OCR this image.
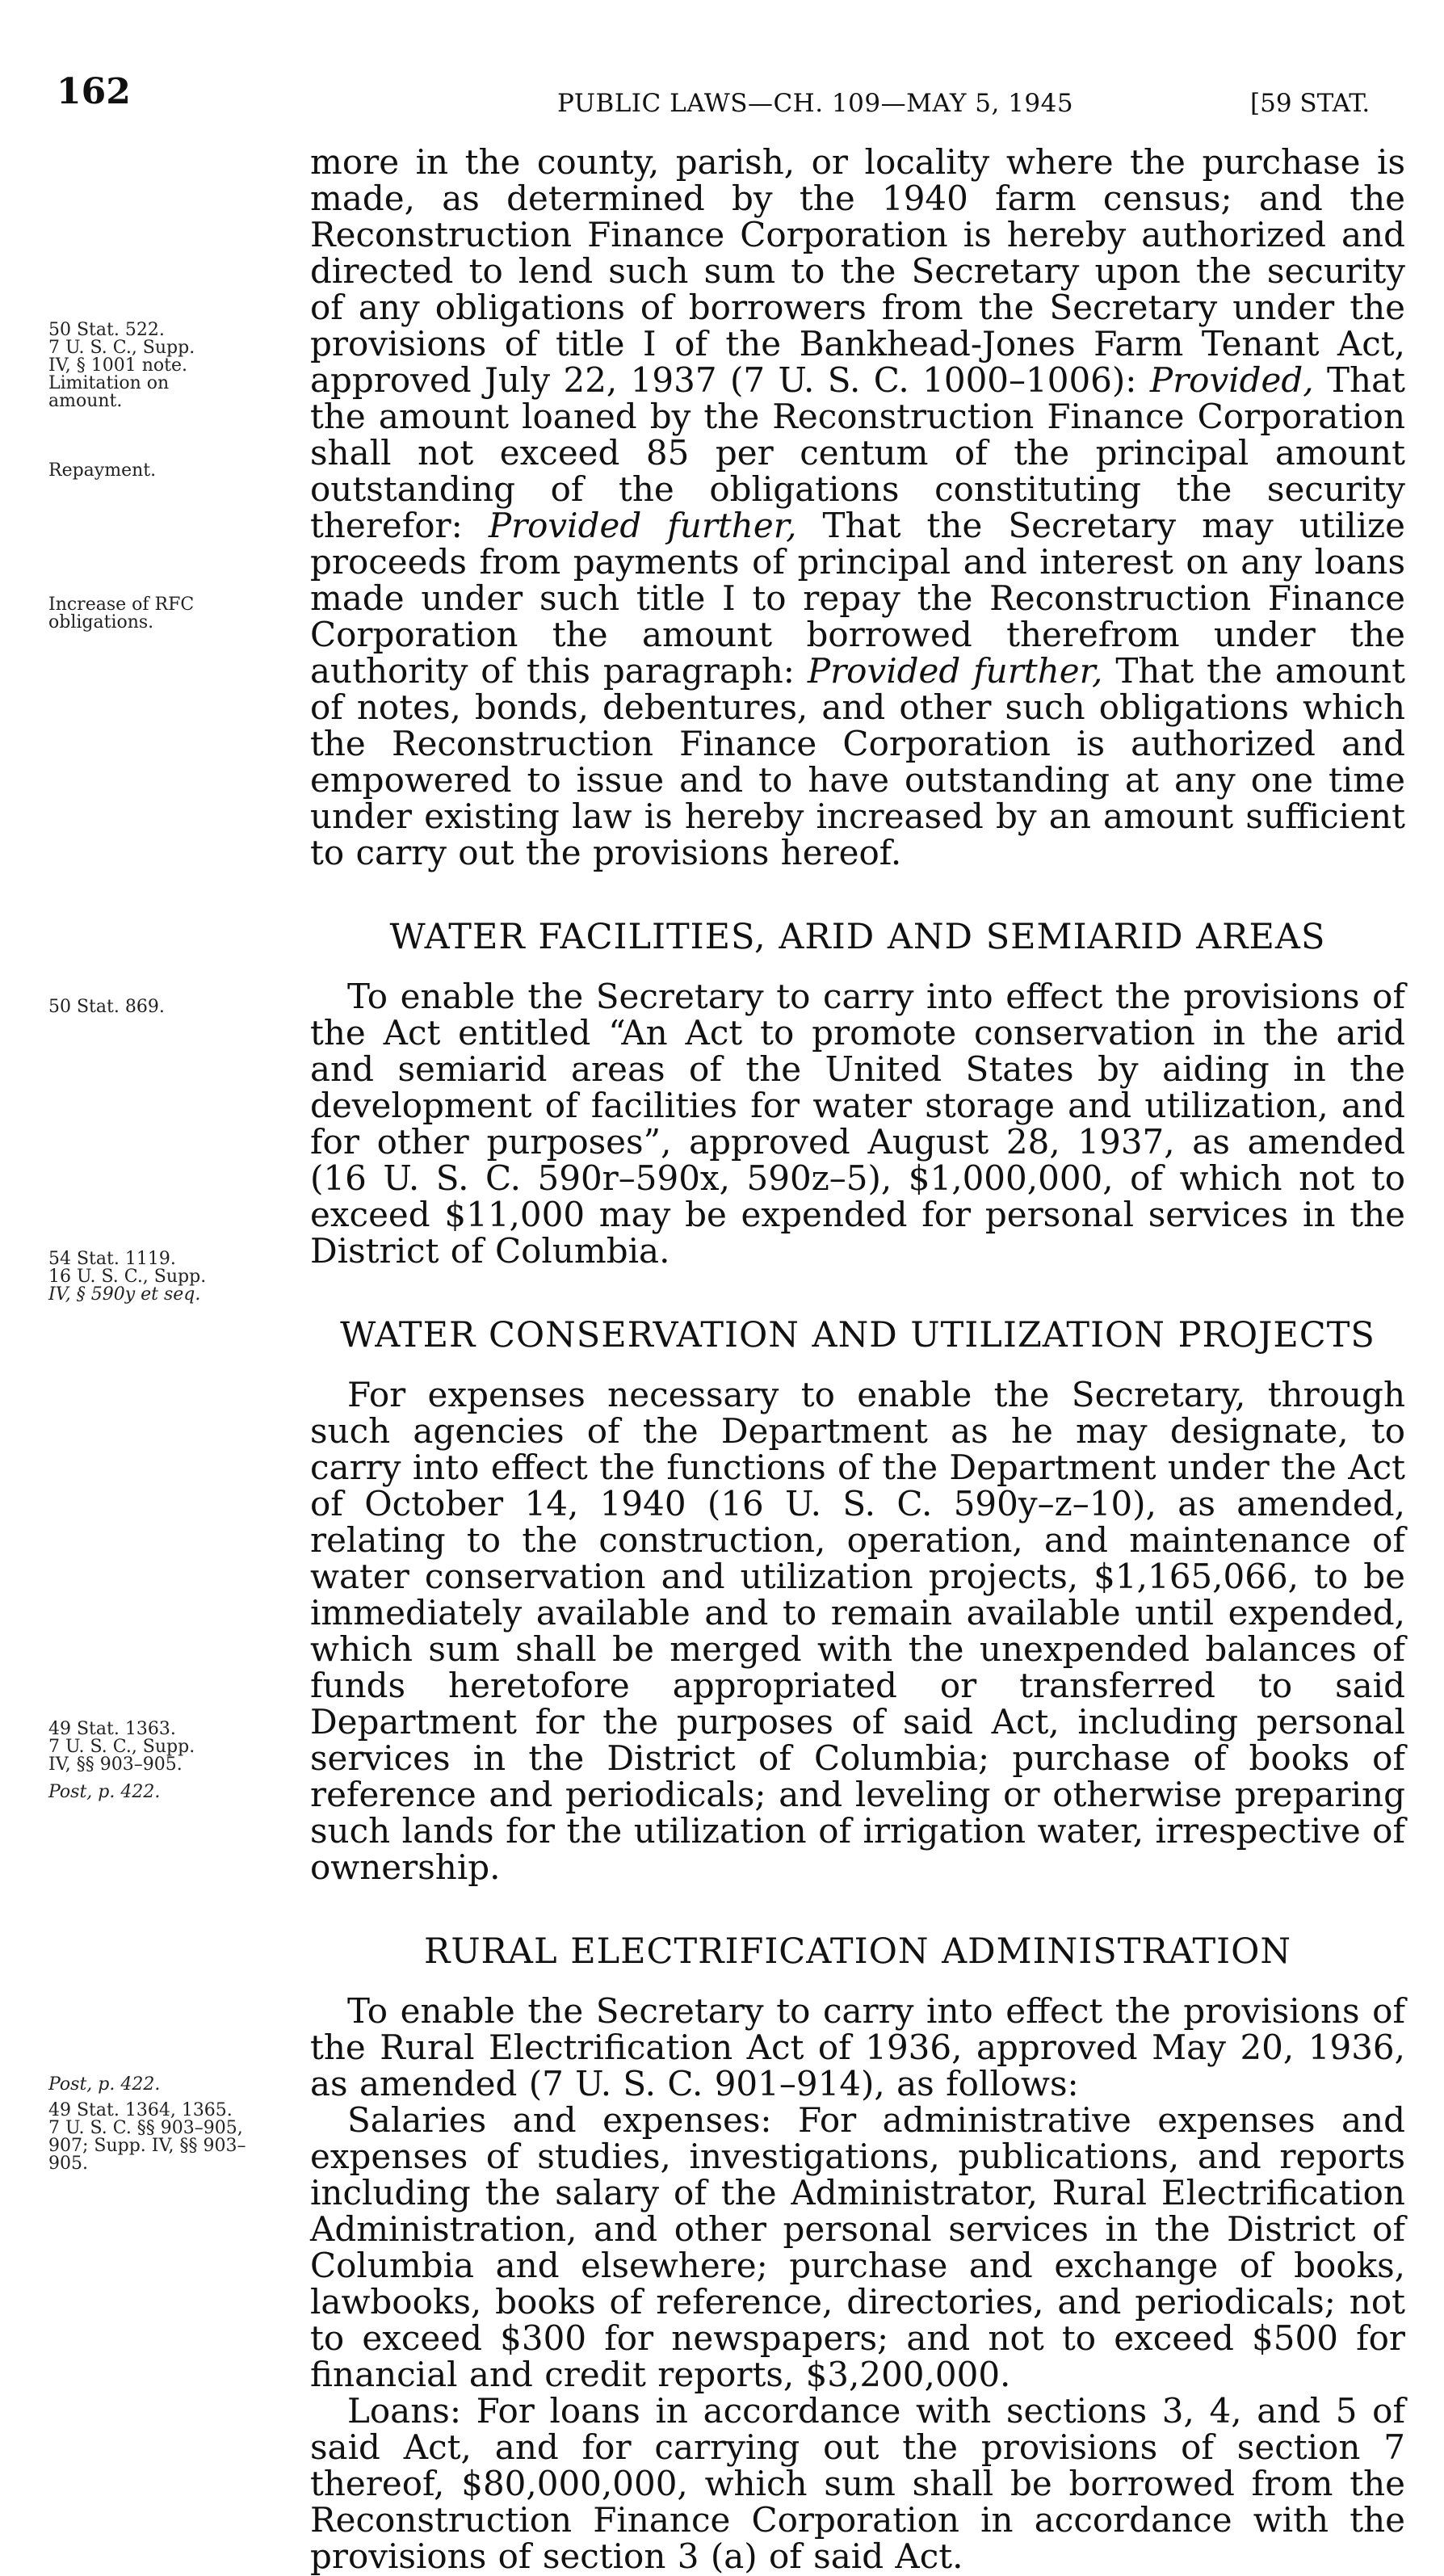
162	PUBLIC LAWS—CH. 109—MAY 5, 1945	[59 STAT.
50 Stat. 522.
7 U. S. C., Supp.
IV, § 1001 note.
Limitation on
amount.
Repayment.
Increase of RFC
obligations.
50 Stat. 869.
54 Stat. 1119.
16 U. S. C., Supp.
IV, § 590y et seq.
49 Stat. 1363.
7 U. S. C., Supp.
IV, §§ 903–905.
Post, p. 422.
Post, p. 422.
49 Stat. 1364, 1365.
7 U. S. C. §§ 903–905,
907; Supp. IV, §§ 903–
905.

more in the county, parish, or locality where the purchase is made, as determined by the 1940 farm census; and the Reconstruction Finance Corporation is hereby authorized and directed to lend such sum to the Secretary upon the security of any obligations of borrowers from the Secretary under the provisions of title I of the Bankhead-Jones Farm Tenant Act, approved July 22, 1937 (7 U. S. C. 1000–1006): Provided, That the amount loaned by the Reconstruction Finance Corporation shall not exceed 85 per centum of the principal amount outstanding of the obligations constituting the security therefor: Provided further, That the Secretary may utilize proceeds from payments of principal and interest on any loans made under such title I to repay the Reconstruction Finance Corporation the amount borrowed therefrom under the authority of this paragraph: Provided further, That the amount of notes, bonds, debentures, and other such obligations which the Reconstruction Finance Corporation is authorized and empowered to issue and to have outstanding at any one time under existing law is hereby increased by an amount sufficient to carry out the provisions hereof.

WATER FACILITIES, ARID AND SEMIARID AREAS

To enable the Secretary to carry into effect the provisions of the Act entitled “An Act to promote conservation in the arid and semiarid areas of the United States by aiding in the development of facilities for water storage and utilization, and for other purposes”, approved August 28, 1937, as amended (16 U. S. C. 590r–590x, 590z–5), $1,000,000, of which not to exceed $11,000 may be expended for personal services in the District of Columbia.

WATER CONSERVATION AND UTILIZATION PROJECTS

For expenses necessary to enable the Secretary, through such agencies of the Department as he may designate, to carry into effect the functions of the Department under the Act of October 14, 1940 (16 U. S. C. 590y–z–10), as amended, relating to the construction, operation, and maintenance of water conservation and utilization projects, $1,165,066, to be immediately available and to remain available until expended, which sum shall be merged with the unexpended balances of funds heretofore appropriated or transferred to said Department for the purposes of said Act, including personal services in the District of Columbia; purchase of books of reference and periodicals; and leveling or otherwise preparing such lands for the utilization of irrigation water, irrespective of ownership.

RURAL ELECTRIFICATION ADMINISTRATION

To enable the Secretary to carry into effect the provisions of the Rural Electrification Act of 1936, approved May 20, 1936, as amended (7 U. S. C. 901–914), as follows:

Salaries and expenses: For administrative expenses and expenses of studies, investigations, publications, and reports including the salary of the Administrator, Rural Electrification Administration, and other personal services in the District of Columbia and elsewhere; purchase and exchange of books, lawbooks, books of reference, directories, and periodicals; not to exceed $300 for newspapers; and not to exceed $500 for financial and credit reports, $3,200,000.

Loans: For loans in accordance with sections 3, 4, and 5 of said Act, and for carrying out the provisions of section 7 thereof, $80,000,000, which sum shall be borrowed from the Reconstruction Finance Corporation in accordance with the provisions of section 3 (a) of said Act.
